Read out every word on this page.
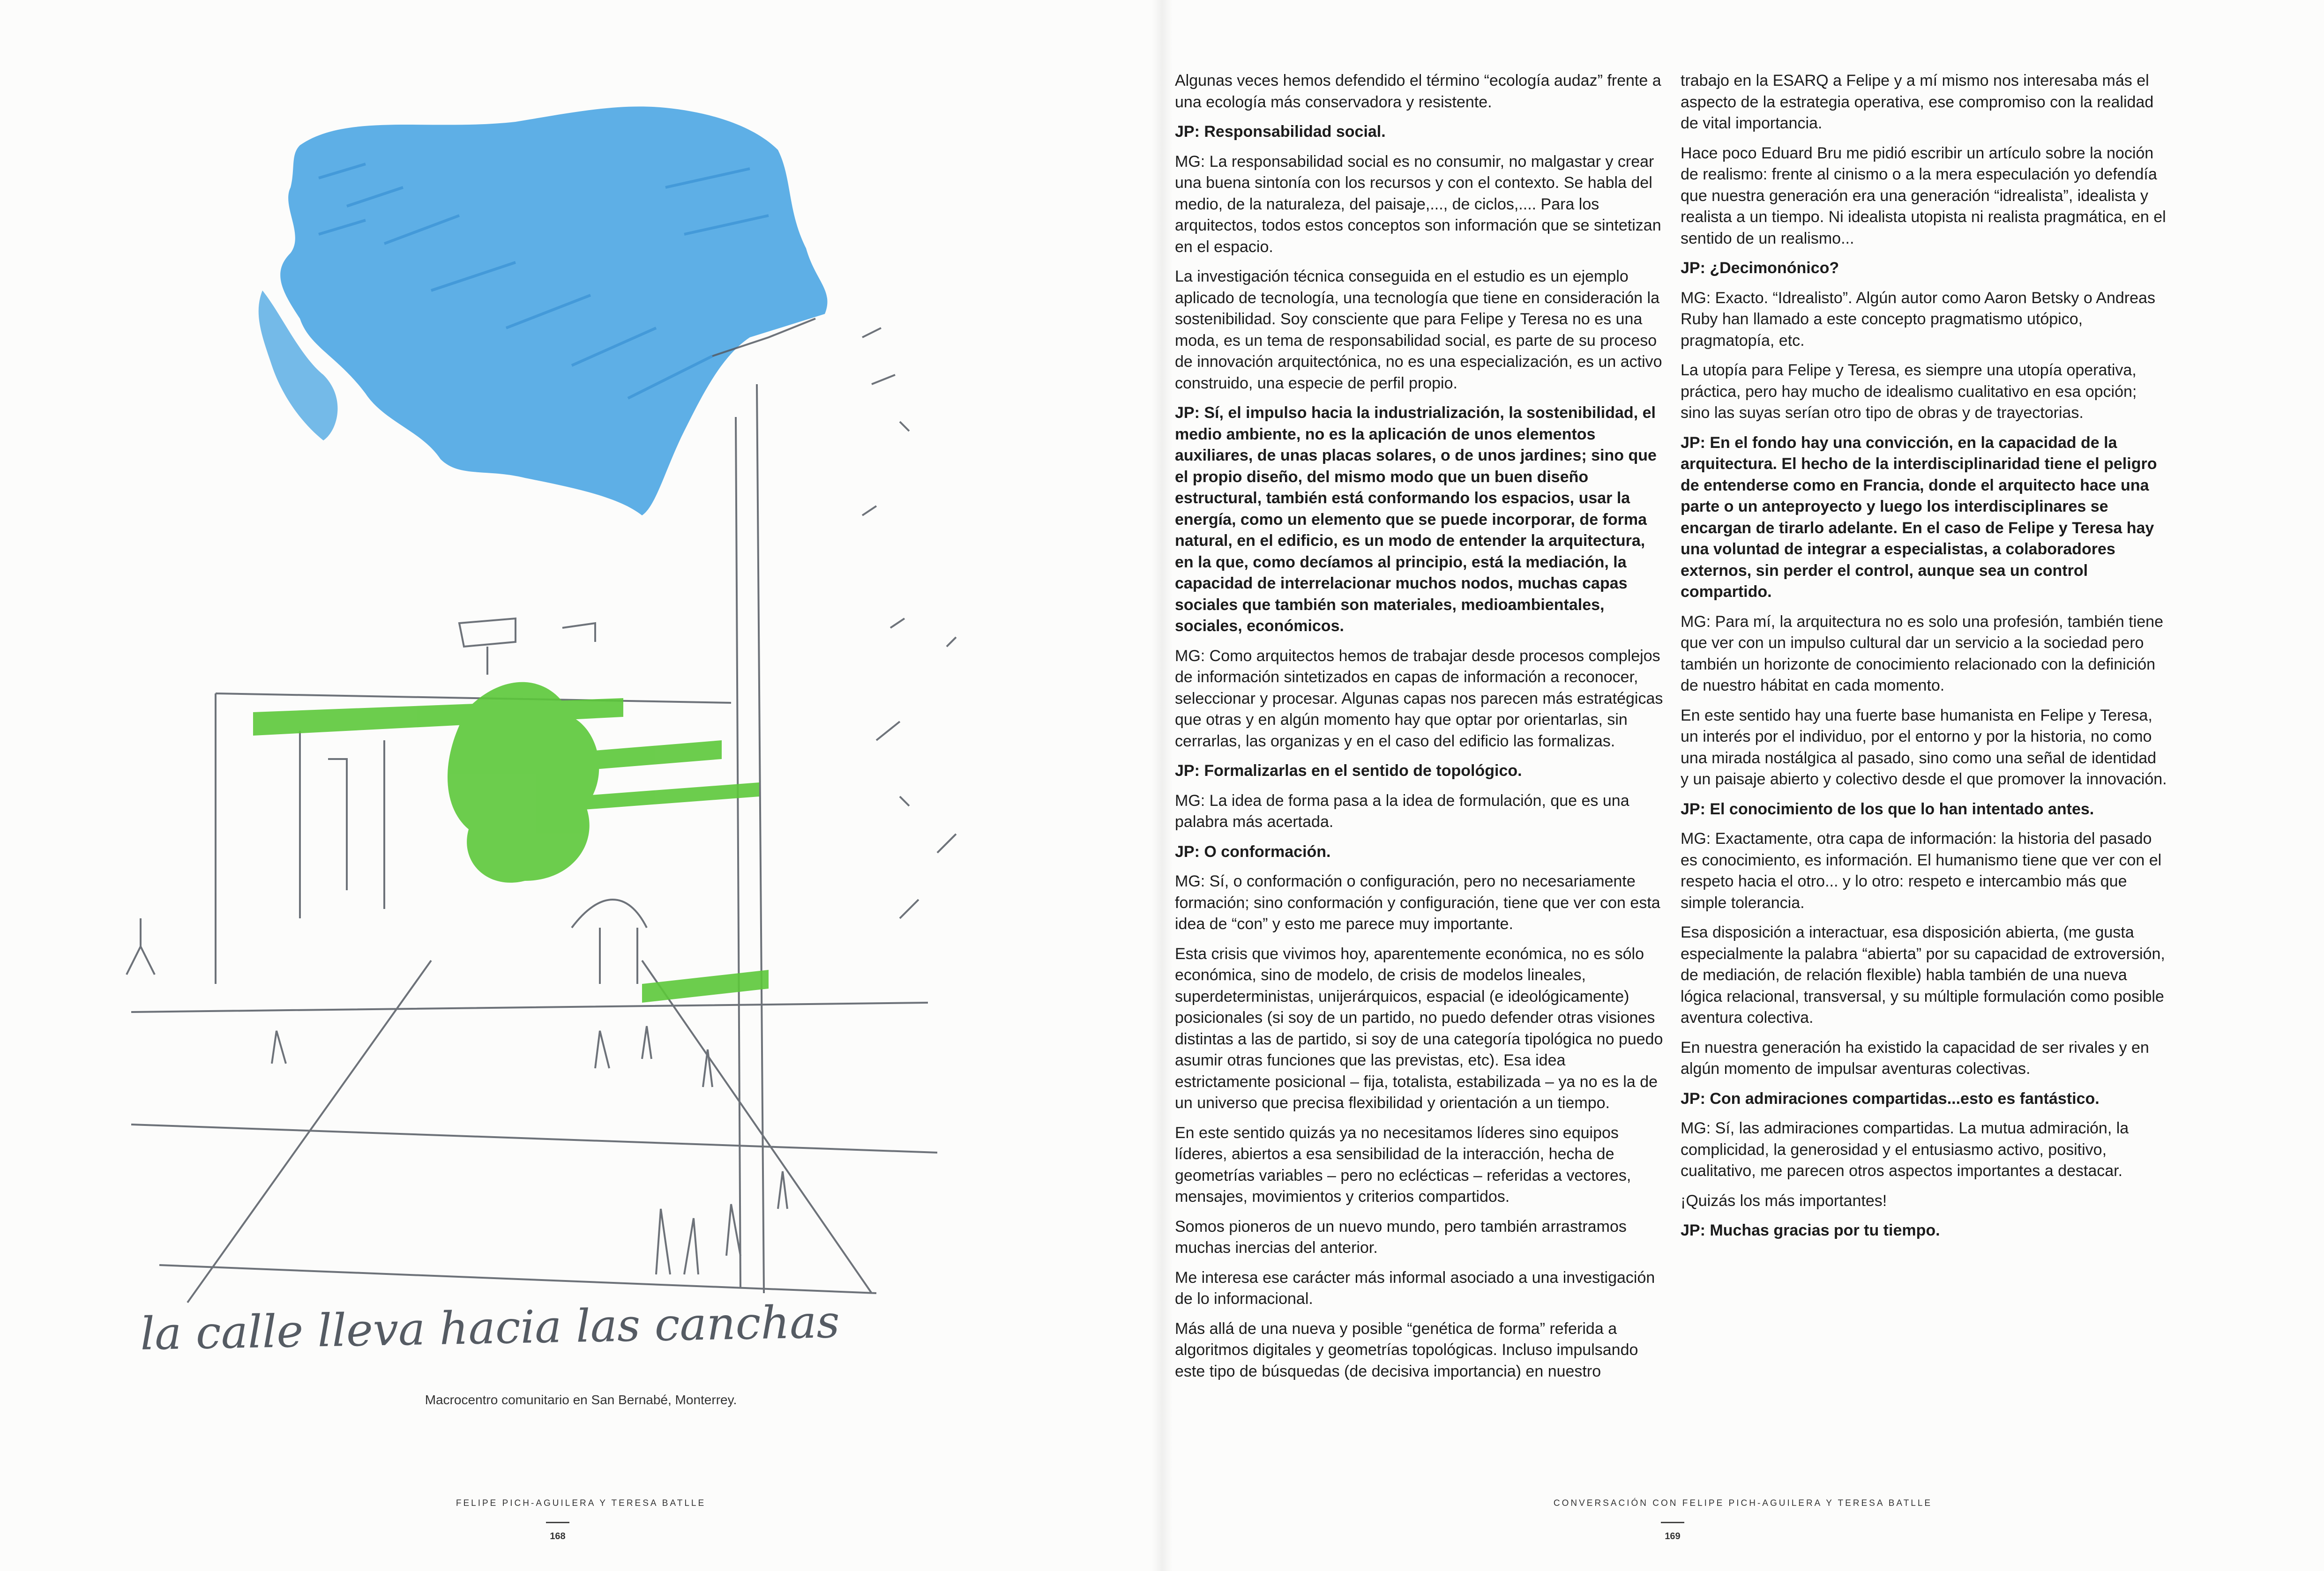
la calle lleva hacia las canchas
Macrocentro comunitario en San Bernabé, Monterrey.
FELIPE PICH-AGUILERA Y TERESA BATLLE
168
CONVERSACIÓN CON FELIPE PICH-AGUILERA Y TERESA BATLLE
169

Algunas veces hemos defendido el término “ecología audaz” frente a una ecología más conservadora y resistente.

JP: Responsabilidad social.

MG: La responsabilidad social es no consumir, no malgastar y crear una buena sintonía con los recursos y con el contexto. Se habla del medio, de la naturaleza, del paisaje,..., de ciclos,.... Para los arquitectos, todos estos conceptos son información que se sintetizan en el espacio.

La investigación técnica conseguida en el estudio es un ejemplo aplicado de tecnología, una tecnología que tiene en consideración la sostenibilidad. Soy consciente que para Felipe y Teresa no es una moda, es un tema de responsabilidad social, es parte de su proceso de innovación arquitectónica, no es una especialización, es un activo construido, una especie de perfil propio.

JP: Sí, el impulso hacia la industrialización, la sostenibilidad, el medio ambiente, no es la aplicación de unos elementos auxiliares, de unas placas solares, o de unos jardines; sino que el propio diseño, del mismo modo que un buen diseño estructural, también está conformando los espacios, usar la energía, como un elemento que se puede incorporar, de forma natural, en el edificio, es un modo de entender la arquitectura, en la que, como decíamos al principio, está la mediación, la capacidad de interrelacionar muchos nodos, muchas capas sociales que también son materiales, medioambientales, sociales, económicos.

MG: Como arquitectos hemos de trabajar desde procesos complejos de información sintetizados en capas de información a reconocer, seleccionar y procesar. Algunas capas nos parecen más estratégicas que otras y en algún momento hay que optar por orientarlas, sin cerrarlas, las organizas y en el caso del edificio las formalizas.

JP: Formalizarlas en el sentido de topológico.

MG: La idea de forma pasa a la idea de formulación, que es una palabra más acertada.

JP: O conformación.

MG: Sí, o conformación o configuración, pero no necesariamente formación; sino conformación y configuración, tiene que ver con esta idea de “con” y esto me parece muy importante.

Esta crisis que vivimos hoy, aparentemente económica, no es sólo económica, sino de modelo, de crisis de modelos lineales, superdeterministas, unijerárquicos, espacial (e ideológicamente) posicionales (si soy de un partido, no puedo defender otras visiones distintas a las de partido, si soy de una categoría tipológica no puedo asumir otras funciones que las previstas, etc). Esa idea estrictamente posicional – fija, totalista, estabilizada – ya no es la de un universo que precisa flexibilidad y orientación a un tiempo.

En este sentido quizás ya no necesitamos líderes sino equipos líderes, abiertos a esa sensibilidad de la interacción, hecha de geometrías variables – pero no eclécticas – referidas a vectores, mensajes, movimientos y criterios compartidos.

Somos pioneros de un nuevo mundo, pero también arrastramos muchas inercias del anterior.

Me interesa ese carácter más informal asociado a una investigación de lo informacional.

Más allá de una nueva y posible “genética de forma” referida a algoritmos digitales y geometrías topológicas. Incluso impulsando este tipo de búsquedas (de decisiva importancia) en nuestro

trabajo en la ESARQ a Felipe y a mí mismo nos interesaba más el aspecto de la estrategia operativa, ese compromiso con la realidad de vital importancia.

Hace poco Eduard Bru me pidió escribir un artículo sobre la noción de realismo: frente al cinismo o a la mera especulación yo defendía que nuestra generación era una generación “idrealista”, idealista y realista a un tiempo. Ni idealista utopista ni realista pragmática, en el sentido de un realismo...

JP: ¿Decimonónico?

MG: Exacto. “Idrealisto”. Algún autor como Aaron Betsky o Andreas Ruby han llamado a este concepto pragmatismo utópico, pragmatopía, etc.

La utopía para Felipe y Teresa, es siempre una utopía operativa, práctica, pero hay mucho de idealismo cualitativo en esa opción; sino las suyas serían otro tipo de obras y de trayectorias.

JP: En el fondo hay una convicción, en la capacidad de la arquitectura. El hecho de la interdisciplinaridad tiene el peligro de entenderse como en Francia, donde el arquitecto hace una parte o un anteproyecto y luego los interdisciplinares se encargan de tirarlo adelante. En el caso de Felipe y Teresa hay una voluntad de integrar a especialistas, a colaboradores externos, sin perder el control, aunque sea un control compartido.

MG: Para mí, la arquitectura no es solo una profesión, también tiene que ver con un impulso cultural dar un servicio a la sociedad pero también un horizonte de conocimiento relacionado con la definición de nuestro hábitat en cada momento.

En este sentido hay una fuerte base humanista en Felipe y Teresa, un interés por el individuo, por el entorno y por la historia, no como una mirada nostálgica al pasado, sino como una señal de identidad y un paisaje abierto y colectivo desde el que promover la innovación.

JP: El conocimiento de los que lo han intentado antes.

MG: Exactamente, otra capa de información: la historia del pasado es conocimiento, es información. El humanismo tiene que ver con el respeto hacia el otro... y lo otro: respeto e intercambio más que simple tolerancia.

Esa disposición a interactuar, esa disposición abierta, (me gusta especialmente la palabra “abierta” por su capacidad de extroversión, de mediación, de relación flexible) habla también de una nueva lógica relacional, transversal, y su múltiple formulación como posible aventura colectiva.

En nuestra generación ha existido la capacidad de ser rivales y en algún momento de impulsar aventuras colectivas.

JP: Con admiraciones compartidas...esto es fantástico.

MG: Sí, las admiraciones compartidas. La mutua admiración, la complicidad, la generosidad y el entusiasmo activo, positivo, cualitativo, me parecen otros aspectos importantes a destacar.

¡Quizás los más importantes!

JP: Muchas gracias por tu tiempo.
